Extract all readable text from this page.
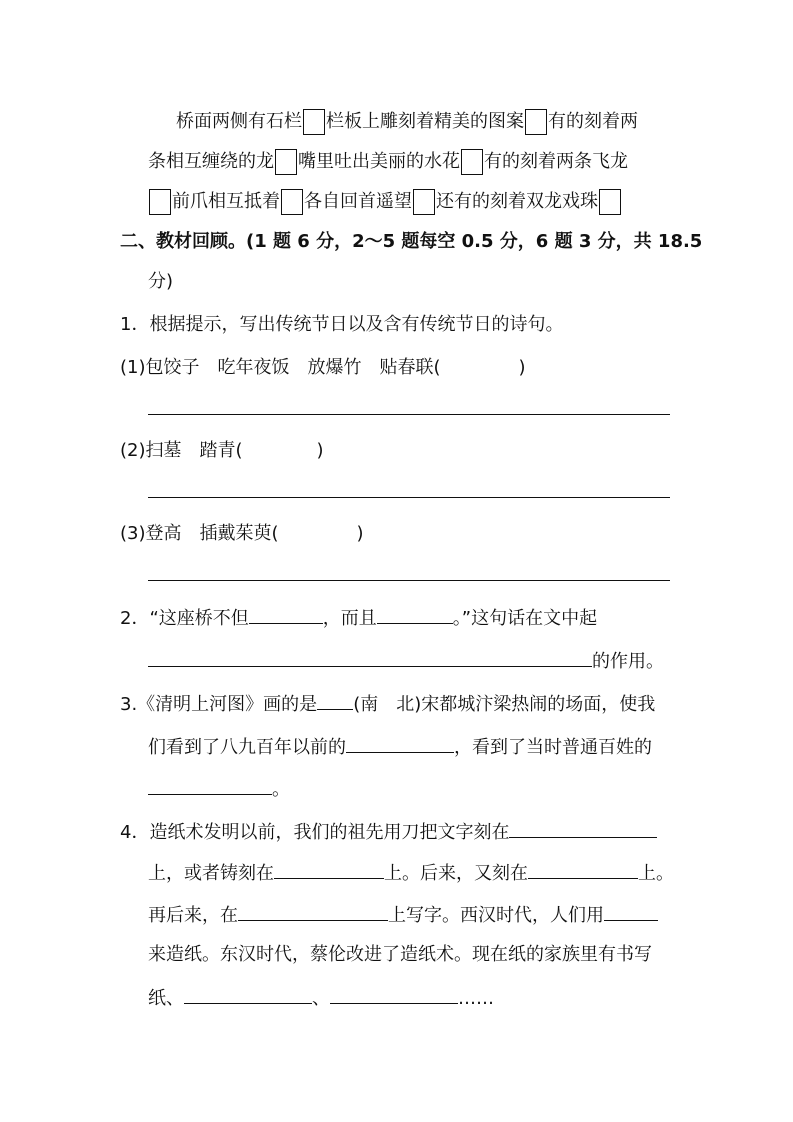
桥面两侧有石栏 栏板上雕刻着精美的图案 有的刻着两
条相互缠绕的龙 嘴里吐出美丽的水花 有的刻着两条飞龙
前爪相互抵着 各自回首遥望 还有的刻着双龙戏珠
二、教材回顾。(1 题 6 分，2～5 题每空 0.5 分，6 题 3 分，共 18.5
分)
1．根据提示，写出传统节日以及含有传统节日的诗句。
(1)包饺子　吃年夜饭　放爆竹　贴春联(	)
(2)扫墓　踏青(	)
(3)登高　插戴茱萸(	)
2．“这座桥不但	，而且	。”这句话在文中起
的作用。
3.《清明上河图》画的是 (南　北)宋都城汴梁热闹的场面，使我
们看到了八九百年以前的	，看到了当时普通百姓的
。
4．造纸术发明以前，我们的祖先用刀把文字刻在
上，或者铸刻在	上。后来，又刻在	上。
再后来，在	上写字。西汉时代，人们用
来造纸。东汉时代，蔡伦改进了造纸术。现在纸的家族里有书写
纸、	、	……
